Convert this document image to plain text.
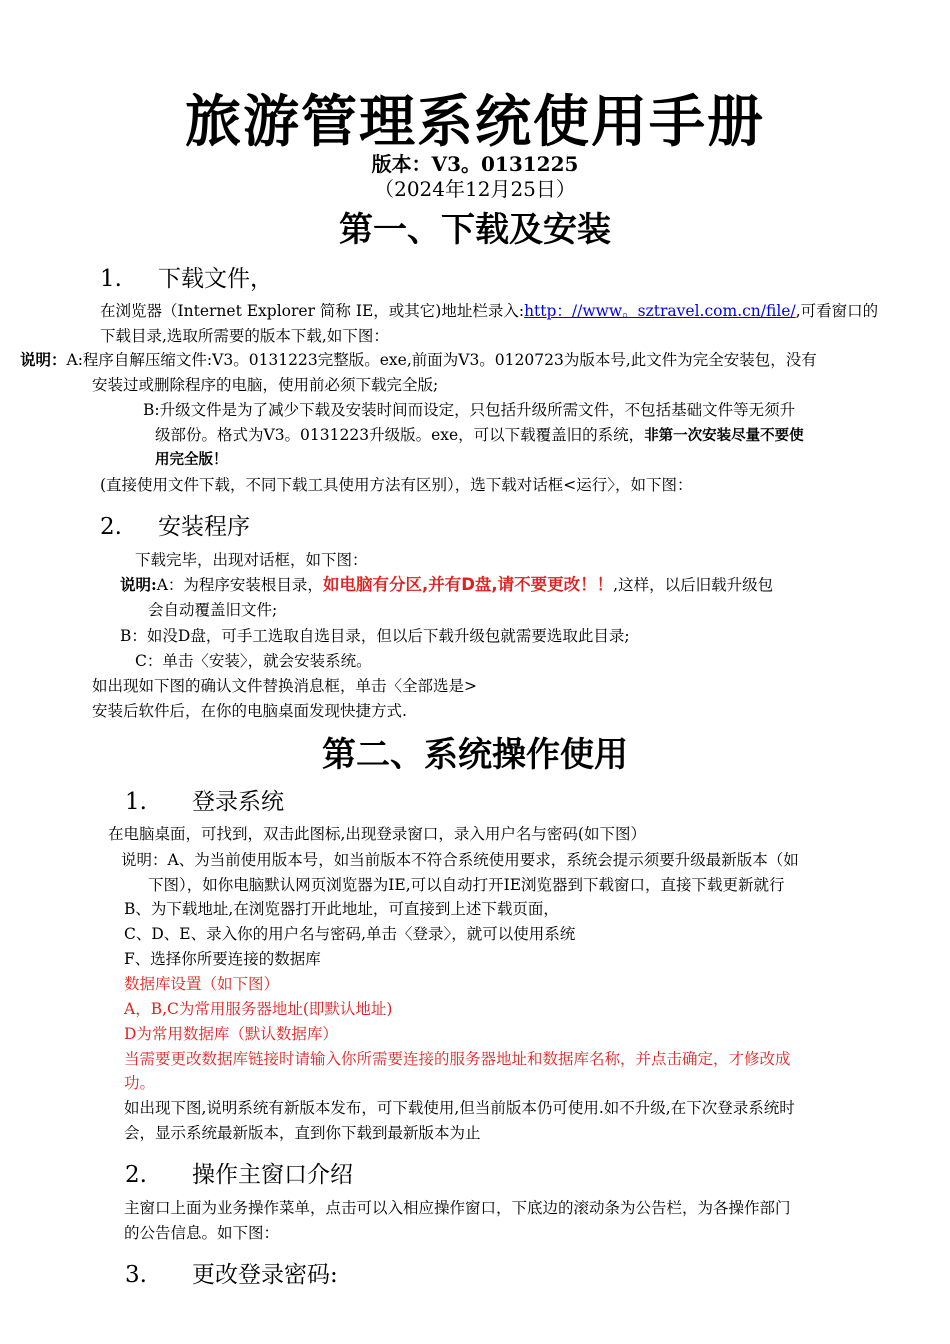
旅游管理系统使用手册
版本：V3。0131225
（2024年12月25日）
第一、下载及安装
1. 下载文件，
在浏览器（Internet Explorer 简称 IE，或其它)地址栏录入:http：//www。sztravel.com.cn/file/,可看窗口的
下载目录,选取所需要的版本下载,如下图：
说明：A:程序自解压缩文件:V3。0131223完整版。exe,前面为V3。0120723为版本号,此文件为完全安装包，没有
安装过或删除程序的电脑，使用前必须下载完全版;
B:升级文件是为了减少下载及安装时间而设定，只包括升级所需文件，不包括基础文件等无须升
级部份。格式为V3。0131223升级版。exe，可以下载覆盖旧的系统，非第一次安装尽量不要使
用完全版！
(直接使用文件下载，不同下载工具使用方法有区别），选下载对话框<运行〉，如下图：
2. 安装程序
下载完毕，出现对话框，如下图：
说明:A：为程序安装根目录，如电脑有分区,并有D盘,请不要更改！！,这样，以后旧载升级包
会自动覆盖旧文件;
B：如没D盘，可手工选取自选目录，但以后下载升级包就需要选取此目录;
C：单击〈安装〉，就会安装系统。
如出现如下图的确认文件替换消息框，单击〈全部选是>
安装后软件后，在你的电脑桌面发现快捷方式.
第二、系统操作使用
1. 登录系统
在电脑桌面，可找到，双击此图标,出现登录窗口，录入用户名与密码(如下图）
说明：A、为当前使用版本号，如当前版本不符合系统使用要求，系统会提示须要升级最新版本（如
下图），如你电脑默认网页浏览器为IE,可以自动打开IE浏览器到下载窗口，直接下载更新就行
B、为下载地址,在浏览器打开此地址，可直接到上述下载页面，
C、D、E、录入你的用户名与密码,单击〈登录〉，就可以使用系统
F、选择你所要连接的数据库
数据库设置（如下图）
A，B,C为常用服务器地址(即默认地址)
D为常用数据库（默认数据库）
当需要更改数据库链接时请输入你所需要连接的服务器地址和数据库名称，并点击确定，才修改成
功。
如出现下图,说明系统有新版本发布，可下载使用,但当前版本仍可使用.如不升级,在下次登录系统时
会，显示系统最新版本，直到你下载到最新版本为止
2. 操作主窗口介绍
主窗口上面为业务操作菜单，点击可以入相应操作窗口，下底边的滚动条为公告栏，为各操作部门
的公告信息。如下图：
3. 更改登录密码:
